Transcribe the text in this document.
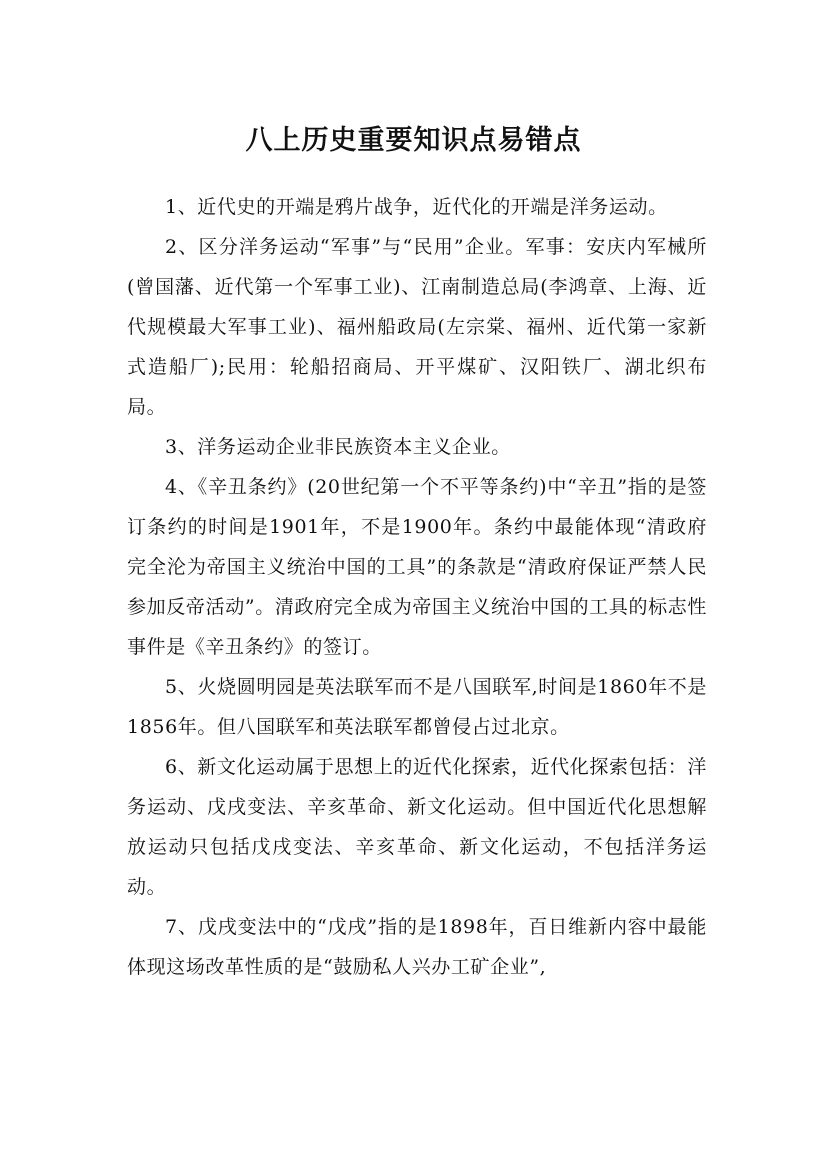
八上历史重要知识点易错点

1、近代史的开端是鸦片战争，近代化的开端是洋务运动。

2、区分洋务运动“军事”与“民用”企业。军事：安庆内军械所(曾国藩、近代第一个军事工业)、江南制造总局(李鸿章、上海、近代规模最大军事工业)、福州船政局(左宗棠、福州、近代第一家新式造船厂);民用：轮船招商局、开平煤矿、汉阳铁厂、湖北织布局。

3、洋务运动企业非民族资本主义企业。

4、《辛丑条约》(20世纪第一个不平等条约)中“辛丑”指的是签订条约的时间是1901年，不是1900年。条约中最能体现“清政府完全沦为帝国主义统治中国的工具”的条款是“清政府保证严禁人民参加反帝活动”。清政府完全成为帝国主义统治中国的工具的标志性事件是《辛丑条约》的签订。

5、火烧圆明园是英法联军而不是八国联军,时间是1860年不是1856年。但八国联军和英法联军都曾侵占过北京。

6、新文化运动属于思想上的近代化探索，近代化探索包括：洋务运动、戊戌变法、辛亥革命、新文化运动。但中国近代化思想解放运动只包括戊戌变法、辛亥革命、新文化运动，不包括洋务运动。

7、戊戌变法中的“戊戌”指的是1898年，百日维新内容中最能体现这场改革性质的是“鼓励私人兴办工矿企业”,
